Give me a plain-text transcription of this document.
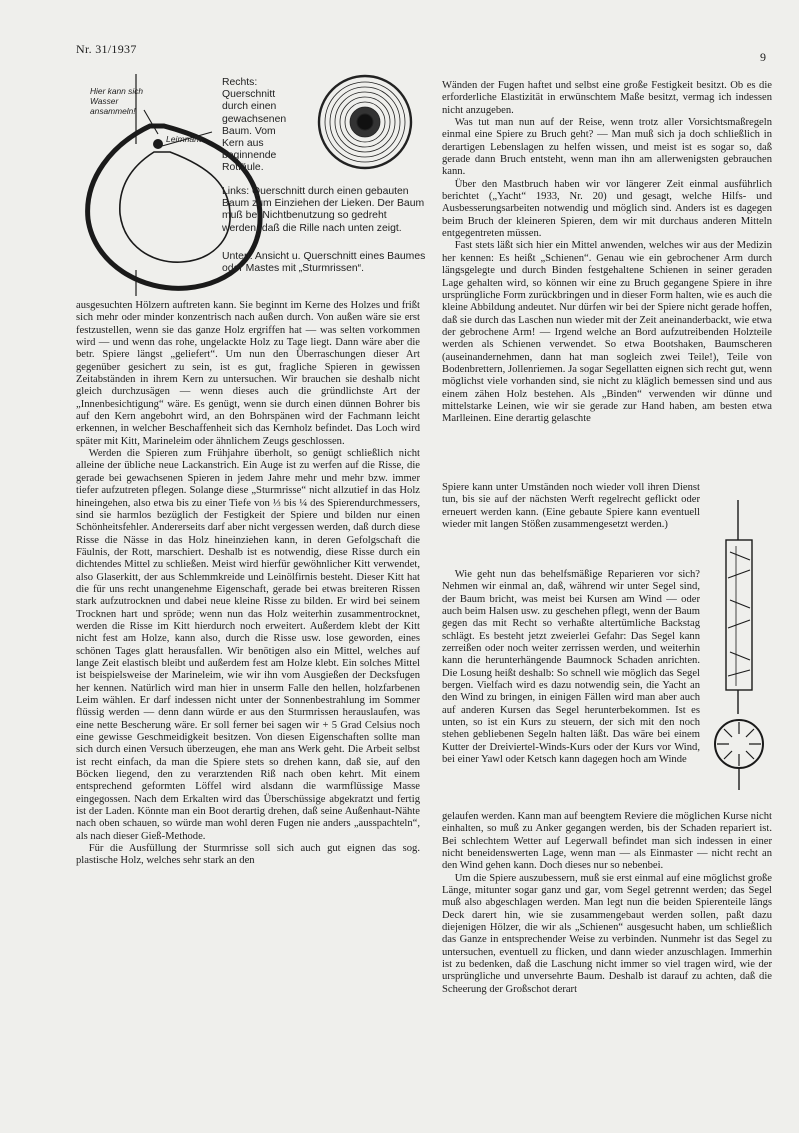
Nr. 31/1937
9
Hier kann sich Wasser ansammeln!
Leimnaht
Rechts: Querschnitt durch einen gewachsenen Baum. Vom Kern aus beginnende Rotfäule.
Links: Querschnitt durch einen gebauten Baum zum Einziehen der Lieken. Der Baum muß bei Nichtbenutzung so gedreht werden, daß die Rille nach unten zeigt.
Unten: Ansicht u. Querschnitt eines Baumes oder Mastes mit „Sturmrissen“.

ausgesuchten Hölzern auftreten kann. Sie beginnt im Kerne des Holzes und frißt sich mehr oder minder konzentrisch nach außen durch. Von außen wäre sie erst festzustellen, wenn sie das ganze Holz ergriffen hat — was selten vorkommen wird — und wenn das rohe, ungelackte Holz zu Tage liegt. Dann wäre aber die betr. Spiere längst „geliefert“. Um nun den Überraschungen dieser Art gegenüber gesichert zu sein, ist es gut, fragliche Spieren in gewissen Zeitabständen in ihrem Kern zu untersuchen. Wir brauchen sie deshalb nicht gleich durchzusägen — wenn dieses auch die gründlichste Art der „Innenbesichtigung“ wäre. Es genügt, wenn sie durch einen dünnen Bohrer bis auf den Kern angebohrt wird, an den Bohrspänen wird der Fachmann leicht erkennen, in welcher Beschaffenheit sich das Kernholz befindet. Das Loch wird später mit Kitt, Marineleim oder ähnlichem Zeugs geschlossen.

Werden die Spieren zum Frühjahre überholt, so genügt schließlich nicht alleine der übliche neue Lackanstrich. Ein Auge ist zu werfen auf die Risse, die gerade bei gewachsenen Spieren in jedem Jahre mehr und mehr bzw. immer tiefer aufzutreten pflegen. Solange diese „Sturmrisse“ nicht allzutief in das Holz hineingehen, also etwa bis zu einer Tiefe von ⅓ bis ¼ des Spierendurchmessers, sind sie harmlos bezüglich der Festigkeit der Spiere und bilden nur einen Schönheitsfehler. Andererseits darf aber nicht vergessen werden, daß durch diese Risse die Nässe in das Holz hineinziehen kann, in deren Gefolgschaft die Fäulnis, der Rott, marschiert. Deshalb ist es notwendig, diese Risse durch ein dichtendes Mittel zu schließen. Meist wird hierfür gewöhnlicher Kitt verwendet, also Glaserkitt, der aus Schlemmkreide und Leinölfirnis besteht. Dieser Kitt hat die für uns recht unangenehme Eigenschaft, gerade bei etwas breiteren Rissen stark aufzutrocknen und dabei neue kleine Risse zu bilden. Er wird bei seinem Trocknen hart und spröde; wenn nun das Holz weiterhin zusammentrocknet, werden die Risse im Kitt hierdurch noch erweitert. Außerdem klebt der Kitt nicht fest am Holze, kann also, durch die Risse usw. lose geworden, eines schönen Tages glatt herausfallen. Wir benötigen also ein Mittel, welches auf lange Zeit elastisch bleibt und außerdem fest am Holze klebt. Ein solches Mittel ist beispielsweise der Marineleim, wie wir ihn vom Ausgießen der Decksfugen her kennen. Natürlich wird man hier in unserm Falle den hellen, holzfarbenen Leim wählen. Er darf indessen nicht unter der Sonnenbestrahlung im Sommer flüssig werden — denn dann würde er aus den Sturmrissen herauslaufen, was eine nette Bescherung wäre. Er soll ferner bei sagen wir + 5 Grad Celsius noch eine gewisse Geschmeidigkeit besitzen. Von diesen Eigenschaften sollte man sich durch einen Versuch überzeugen, ehe man ans Werk geht. Die Arbeit selbst ist recht einfach, da man die Spiere stets so drehen kann, daß sie, auf den Böcken liegend, den zu verarztenden Riß nach oben kehrt. Mit einem entsprechend geformten Löffel wird alsdann die warmflüssige Masse eingegossen. Nach dem Erkalten wird das Überschüssige abgekratzt und fertig ist der Laden. Könnte man ein Boot derartig drehen, daß seine Außenhaut-Nähte nach oben schauen, so würde man wohl deren Fugen nie anders „ausspachteln“, als nach dieser Gieß-Methode.

Für die Ausfüllung der Sturmrisse soll sich auch gut eignen das sog. plastische Holz, welches sehr stark an den

Wänden der Fugen haftet und selbst eine große Festigkeit besitzt. Ob es die erforderliche Elastizität in erwünschtem Maße besitzt, vermag ich indessen nicht anzugeben.

Was tut man nun auf der Reise, wenn trotz aller Vorsichtsmaßregeln einmal eine Spiere zu Bruch geht? — Man muß sich ja doch schließlich in derartigen Lebenslagen zu helfen wissen, und meist ist es sogar so, daß gerade dann Bruch entsteht, wenn man ihn am allerwenigsten gebrauchen kann.

Über den Mastbruch haben wir vor längerer Zeit einmal ausführlich berichtet („Yacht“ 1933, Nr. 20) und gesagt, welche Hilfs- und Ausbesserungsarbeiten notwendig und möglich sind. Anders ist es dagegen beim Bruch der kleineren Spieren, dem wir mit durchaus anderen Mitteln entgegentreten müssen.

Fast stets läßt sich hier ein Mittel anwenden, welches wir aus der Medizin her kennen: Es heißt „Schienen“. Genau wie ein gebrochener Arm durch längsgelegte und durch Binden festgehaltene Schienen in seiner geraden Lage gehalten wird, so können wir eine zu Bruch gegangene Spiere in ihre ursprüngliche Form zurückbringen und in dieser Form halten, wie es auch die kleine Abbildung andeutet. Nur dürfen wir bei der Spiere nicht gerade hoffen, daß sie durch das Laschen nun wieder mit der Zeit aneinanderbackt, wie etwa der gebrochene Arm! — Irgend welche an Bord aufzutreibenden Holzteile werden als Schienen verwendet. So etwa Bootshaken, Baumscheren (auseinandernehmen, dann hat man sogleich zwei Teile!), Teile von Bodenbrettern, Jollenriemen. Ja sogar Segellatten eignen sich recht gut, wenn möglichst viele vorhanden sind, sie nicht zu kläglich bemessen sind und aus einem zähen Holz bestehen. Als „Binden“ verwenden wir dünne und mittelstarke Leinen, wie wir sie gerade zur Hand haben, am besten etwa Marlleinen. Eine derartig gelaschte

Spiere kann unter Umständen noch wieder voll ihren Dienst tun, bis sie auf der nächsten Werft regelrecht geflickt oder erneuert werden kann. (Eine gebaute Spiere kann eventuell wieder mit langen Stößen zusammengesetzt werden.)

Wie geht nun das behelfsmäßige Reparieren vor sich? Nehmen wir einmal an, daß, während wir unter Segel sind, der Baum bricht, was meist bei Kursen am Wind — oder auch beim Halsen usw. zu geschehen pflegt, wenn der Baum gegen das mit Recht so verhaßte altertümliche Backstag schlägt. Es besteht jetzt zweierlei Gefahr: Das Segel kann zerreißen oder noch weiter zerrissen werden, und weiterhin kann die herunterhängende Baumnock Schaden anrichten. Die Losung heißt deshalb: So schnell wie möglich das Segel bergen. Vielfach wird es dazu notwendig sein, die Yacht an den Wind zu bringen, in einigen Fällen wird man aber auch auf anderen Kursen das Segel herunterbekommen. Ist es unten, so ist ein Kurs zu steuern, der sich mit den noch stehen gebliebenen Segeln halten läßt. Das wäre bei einem Kutter der Dreiviertel-Winds-Kurs oder der Kurs vor Wind, bei einer Yawl oder Ketsch kann dagegen hoch am Winde

gelaufen werden. Kann man auf beengtem Reviere die möglichen Kurse nicht einhalten, so muß zu Anker gegangen werden, bis der Schaden repariert ist. Bei schlechtem Wetter auf Legerwall befindet man sich indessen in einer nicht beneidenswerten Lage, wenn man — als Einmaster — nicht recht an den Wind gehen kann. Doch dieses nur so nebenbei.

Um die Spiere auszubessern, muß sie erst einmal auf eine möglichst große Länge, mitunter sogar ganz und gar, vom Segel getrennt werden; das Segel muß also abgeschlagen werden. Man legt nun die beiden Spierenteile längs Deck darert hin, wie sie zusammengebaut werden sollen, paßt dazu diejenigen Hölzer, die wir als „Schienen“ ausgesucht haben, um schließlich das Ganze in entsprechender Weise zu verbinden. Nunmehr ist das Segel zu untersuchen, eventuell zu flicken, und dann wieder anzuschlagen. Immerhin ist zu bedenken, daß die Laschung nicht immer so viel tragen wird, wie der ursprüngliche und unversehrte Baum. Deshalb ist darauf zu achten, daß die Scheerung der Großschot derart
